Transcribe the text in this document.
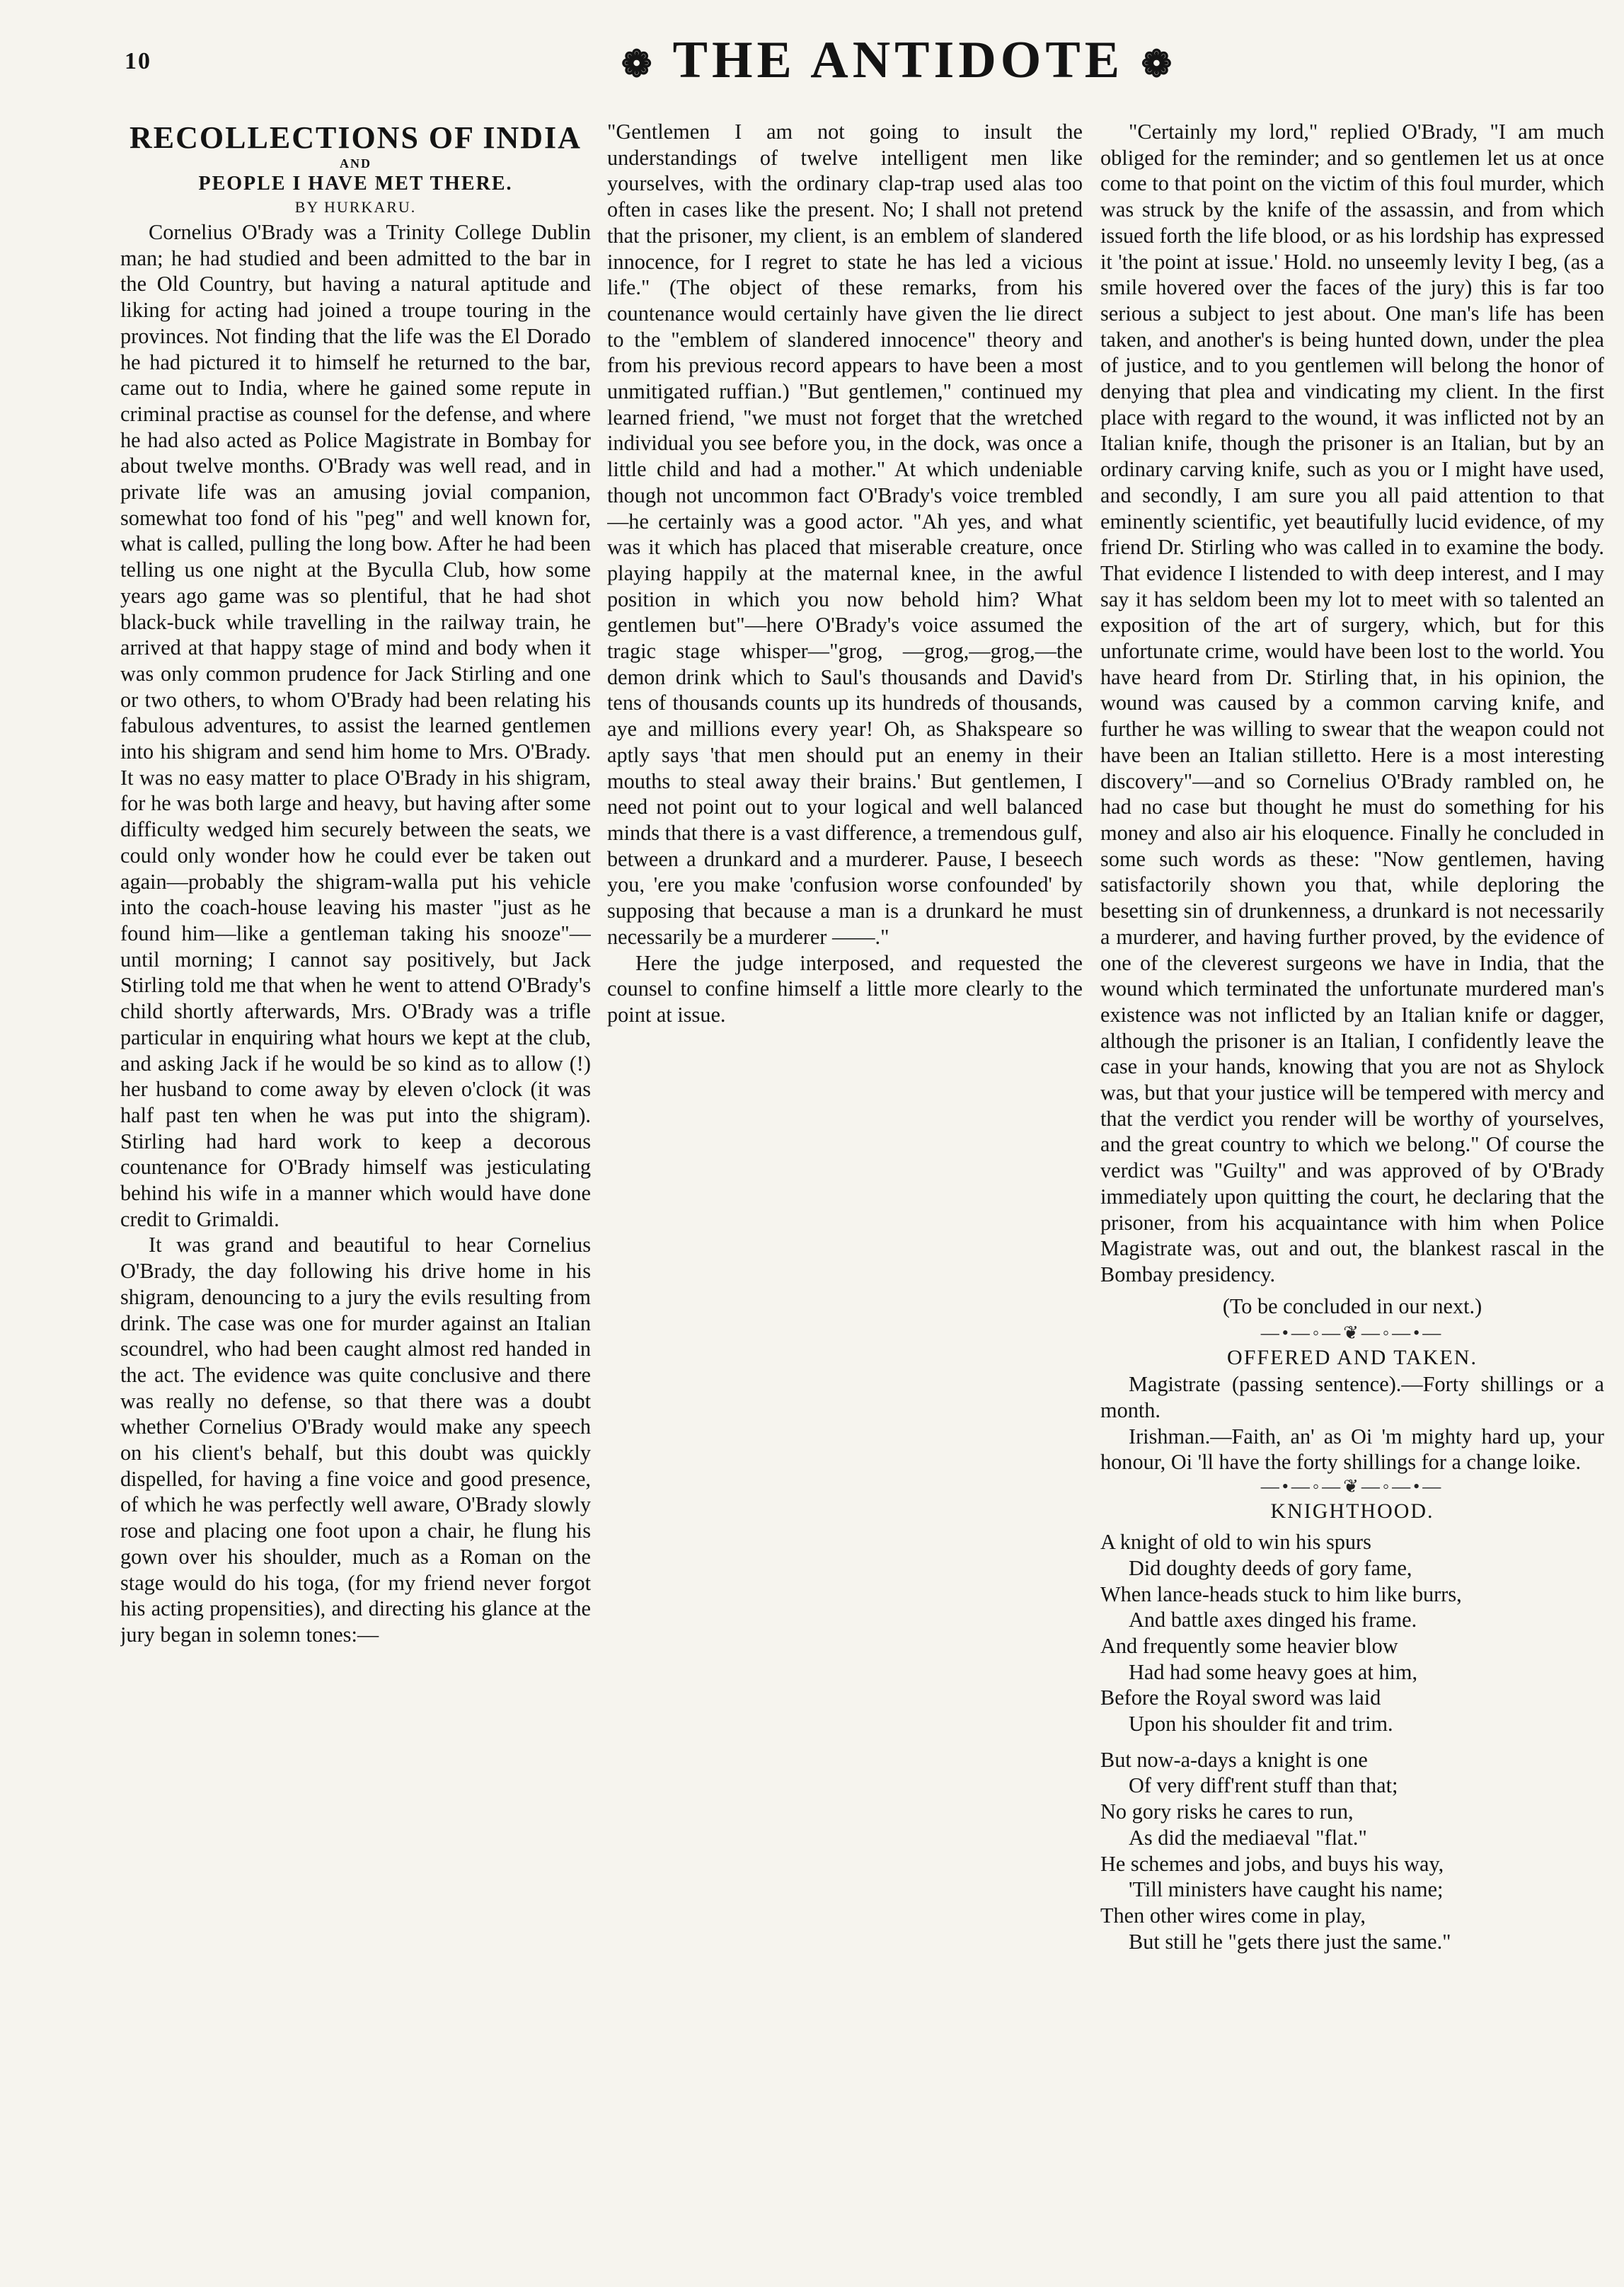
10	❁ THE ANTIDOTE ❁
RECOLLECTIONS OF INDIA
AND
PEOPLE I HAVE MET THERE.
BY HURKARU.

Cornelius O'Brady was a Trinity College Dublin man; he had studied and been admitted to the bar in the Old Country, but having a natural aptitude and liking for acting had joined a troupe touring in the provinces. Not finding that the life was the El Dorado he had pictured it to himself he returned to the bar, came out to India, where he gained some repute in criminal practise as counsel for the defense, and where he had also acted as Police Magistrate in Bombay for about twelve months. O'Brady was well read, and in private life was an amusing jovial companion, somewhat too fond of his "peg" and well known for, what is called, pulling the long bow. After he had been telling us one night at the Byculla Club, how some years ago game was so plentiful, that he had shot black-buck while travelling in the railway train, he arrived at that happy stage of mind and body when it was only common prudence for Jack Stirling and one or two others, to whom O'Brady had been relating his fabulous adventures, to assist the learned gentlemen into his shigram and send him home to Mrs. O'Brady. It was no easy matter to place O'Brady in his shigram, for he was both large and heavy, but having after some difficulty wedged him securely between the seats, we could only wonder how he could ever be taken out again—probably the shigram-walla put his vehicle into the coach-house leaving his master "just as he found him—like a gentleman taking his snooze"—until morning; I cannot say positively, but Jack Stirling told me that when he went to attend O'Brady's child shortly afterwards, Mrs. O'Brady was a trifle particular in enquiring what hours we kept at the club, and asking Jack if he would be so kind as to allow (!) her husband to come away by eleven o'clock (it was half past ten when he was put into the shigram). Stirling had hard work to keep a decorous countenance for O'Brady himself was jesticulating behind his wife in a manner which would have done credit to Grimaldi.

It was grand and beautiful to hear Cornelius O'Brady, the day following his drive home in his shigram, denouncing to a jury the evils resulting from drink. The case was one for murder against an Italian scoundrel, who had been caught almost red handed in the act. The evidence was quite conclusive and there was really no defense, so that there was a doubt whether Cornelius O'Brady would make any speech on his client's behalf, but this doubt was quickly dispelled, for having a fine voice and good presence, of which he was perfectly well aware, O'Brady slowly rose and placing one foot upon a chair, he flung his gown over his shoulder, much as a Roman on the stage would do his toga, (for my friend never forgot his acting propensities), and directing his glance at the jury began in solemn tones:—

"Gentlemen I am not going to insult the understandings of twelve intelligent men like yourselves, with the ordinary clap-trap used alas too often in cases like the present. No; I shall not pretend that the prisoner, my client, is an emblem of slandered innocence, for I regret to state he has led a vicious life." (The object of these remarks, from his countenance would certainly have given the lie direct to the "emblem of slandered innocence" theory and from his previous record appears to have been a most unmitigated ruffian.) "But gentlemen," continued my learned friend, "we must not forget that the wretched individual you see before you, in the dock, was once a little child and had a mother." At which undeniable though not uncommon fact O'Brady's voice trembled—he certainly was a good actor. "Ah yes, and what was it which has placed that miserable creature, once playing happily at the maternal knee, in the awful position in which you now behold him? What gentlemen but"—here O'Brady's voice assumed the tragic stage whisper—"grog, —grog,—grog,—the demon drink which to Saul's thousands and David's tens of thousands counts up its hundreds of thousands, aye and millions every year! Oh, as Shakspeare so aptly says 'that men should put an enemy in their mouths to steal away their brains.' But gentlemen, I need not point out to your logical and well balanced minds that there is a vast difference, a tremendous gulf, between a drunkard and a murderer. Pause, I beseech you, 'ere you make 'confusion worse confounded' by supposing that because a man is a drunkard he must necessarily be a murderer ——."

Here the judge interposed, and requested the counsel to confine himself a little more clearly to the point at issue.

"Certainly my lord," replied O'Brady, "I am much obliged for the reminder; and so gentlemen let us at once come to that point on the victim of this foul murder, which was struck by the knife of the assassin, and from which issued forth the life blood, or as his lordship has expressed it 'the point at issue.' Hold. no unseemly levity I beg, (as a smile hovered over the faces of the jury) this is far too serious a subject to jest about. One man's life has been taken, and another's is being hunted down, under the plea of justice, and to you gentlemen will belong the honor of denying that plea and vindicating my client. In the first place with regard to the wound, it was inflicted not by an Italian knife, though the prisoner is an Italian, but by an ordinary carving knife, such as you or I might have used, and secondly, I am sure you all paid attention to that eminently scientific, yet beautifully lucid evidence, of my friend Dr. Stirling who was called in to examine the body. That evidence I listended to with deep interest, and I may say it has seldom been my lot to meet with so talented an exposition of the art of surgery, which, but for this unfortunate crime, would have been lost to the world. You have heard from Dr. Stirling that, in his opinion, the wound was caused by a common carving knife, and further he was willing to swear that the weapon could not have been an Italian stilletto. Here is a most interesting discovery"—and so Cornelius O'Brady rambled on, he had no case but thought he must do something for his money and also air his eloquence. Finally he concluded in some such words as these: "Now gentlemen, having satisfactorily shown you that, while deploring the besetting sin of drunkenness, a drunkard is not necessarily a murderer, and having further proved, by the evidence of one of the cleverest surgeons we have in India, that the wound which terminated the unfortunate murdered man's existence was not inflicted by an Italian knife or dagger, although the prisoner is an Italian, I confidently leave the case in your hands, knowing that you are not as Shylock was, but that your justice will be tempered with mercy and that the verdict you render will be worthy of yourselves, and the great country to which we belong." Of course the verdict was "Guilty" and was approved of by O'Brady immediately upon quitting the court, he declaring that the prisoner, from his acquaintance with him when Police Magistrate was, out and out, the blankest rascal in the Bombay presidency.

(To be concluded in our next.)
—•—◦—❦—◦—•—
OFFERED AND TAKEN.

Magistrate (passing sentence).—Forty shillings or a month.

Irishman.—Faith, an' as Oi 'm mighty hard up, your honour, Oi 'll have the forty shillings for a change loike.

—•—◦—❦—◦—•—
KNIGHTHOOD.
A knight of old to win his spurs
Did doughty deeds of gory fame,
When lance-heads stuck to him like burrs,
And battle axes dinged his frame.
And frequently some heavier blow
Had had some heavy goes at him,
Before the Royal sword was laid
Upon his shoulder fit and trim.
But now-a-days a knight is one
Of very diff'rent stuff than that;
No gory risks he cares to run,
As did the mediaeval "flat."
He schemes and jobs, and buys his way,
'Till ministers have caught his name;
Then other wires come in play,
But still he "gets there just the same."
